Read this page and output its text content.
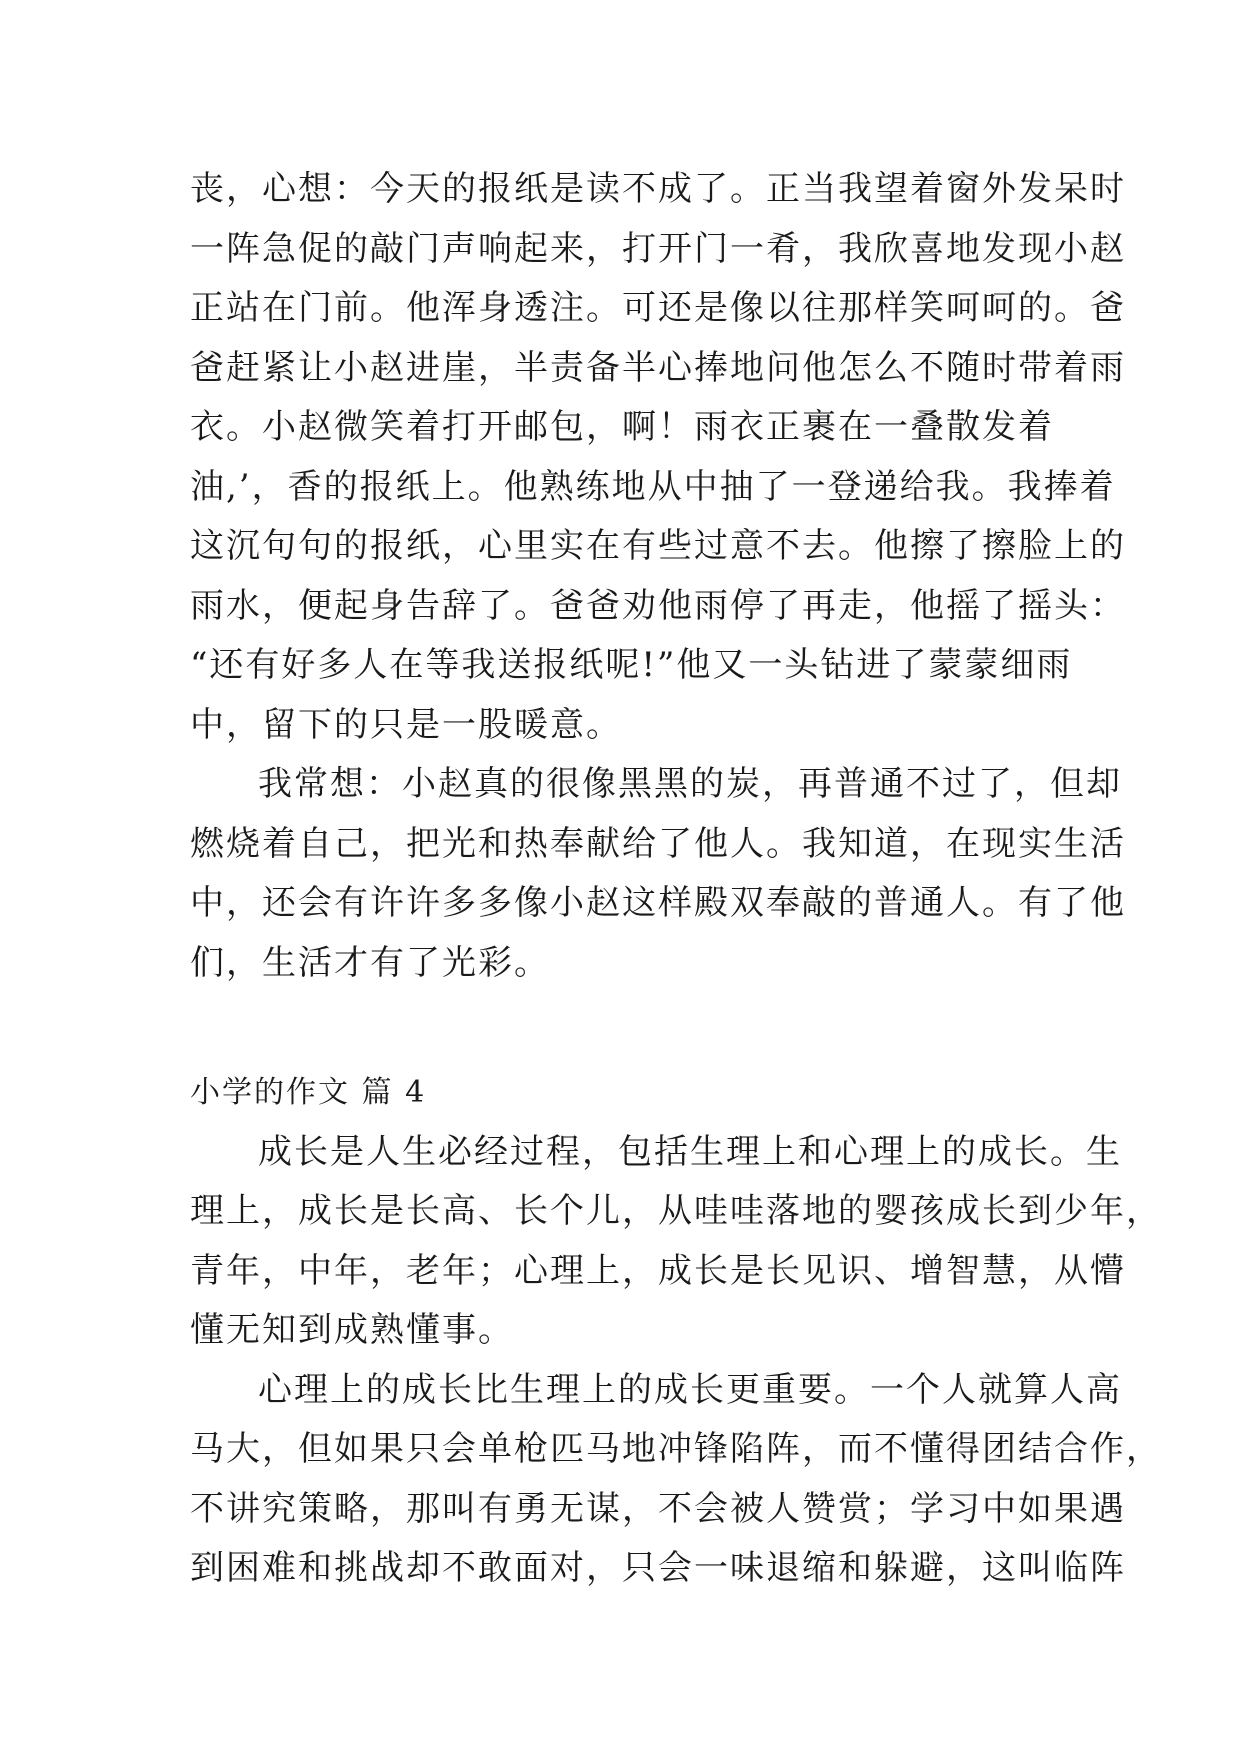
丧，心想：今天的报纸是读不成了。正当我望着窗外发呆时
一阵急促的敲门声响起来，打开门一肴，我欣喜地发现小赵
正站在门前。他浑身透注。可还是像以往那样笑呵呵的。爸
爸赶紧让小赵进崖，半责备半心捧地问他怎么不随时带着雨
衣。小赵微笑着打开邮包，啊！雨衣正裹在一叠散发着
油,’，香的报纸上。他熟练地从中抽了一登递给我。我捧着
这沉句句的报纸，心里实在有些过意不去。他擦了擦脸上的
雨水，便起身告辞了。爸爸劝他雨停了再走，他摇了摇头：
“还有好多人在等我送报纸呢!”他又一头钻进了蒙蒙细雨
中，留下的只是一股暖意。
我常想：小赵真的很像黑黑的炭，再普通不过了，但却
燃烧着自己，把光和热奉献给了他人。我知道，在现实生活
中，还会有许许多多像小赵这样殿双奉敲的普通人。有了他
们，生活才有了光彩。
小学的作文 篇 4
成长是人生必经过程，包括生理上和心理上的成长。生
理上，成长是长高、长个儿，从哇哇落地的婴孩成长到少年，
青年，中年，老年；心理上，成长是长见识、增智慧，从懵
懂无知到成熟懂事。
心理上的成长比生理上的成长更重要。一个人就算人高
马大，但如果只会单枪匹马地冲锋陷阵，而不懂得团结合作，
不讲究策略，那叫有勇无谋，不会被人赞赏；学习中如果遇
到困难和挑战却不敢面对，只会一味退缩和躲避，这叫临阵
